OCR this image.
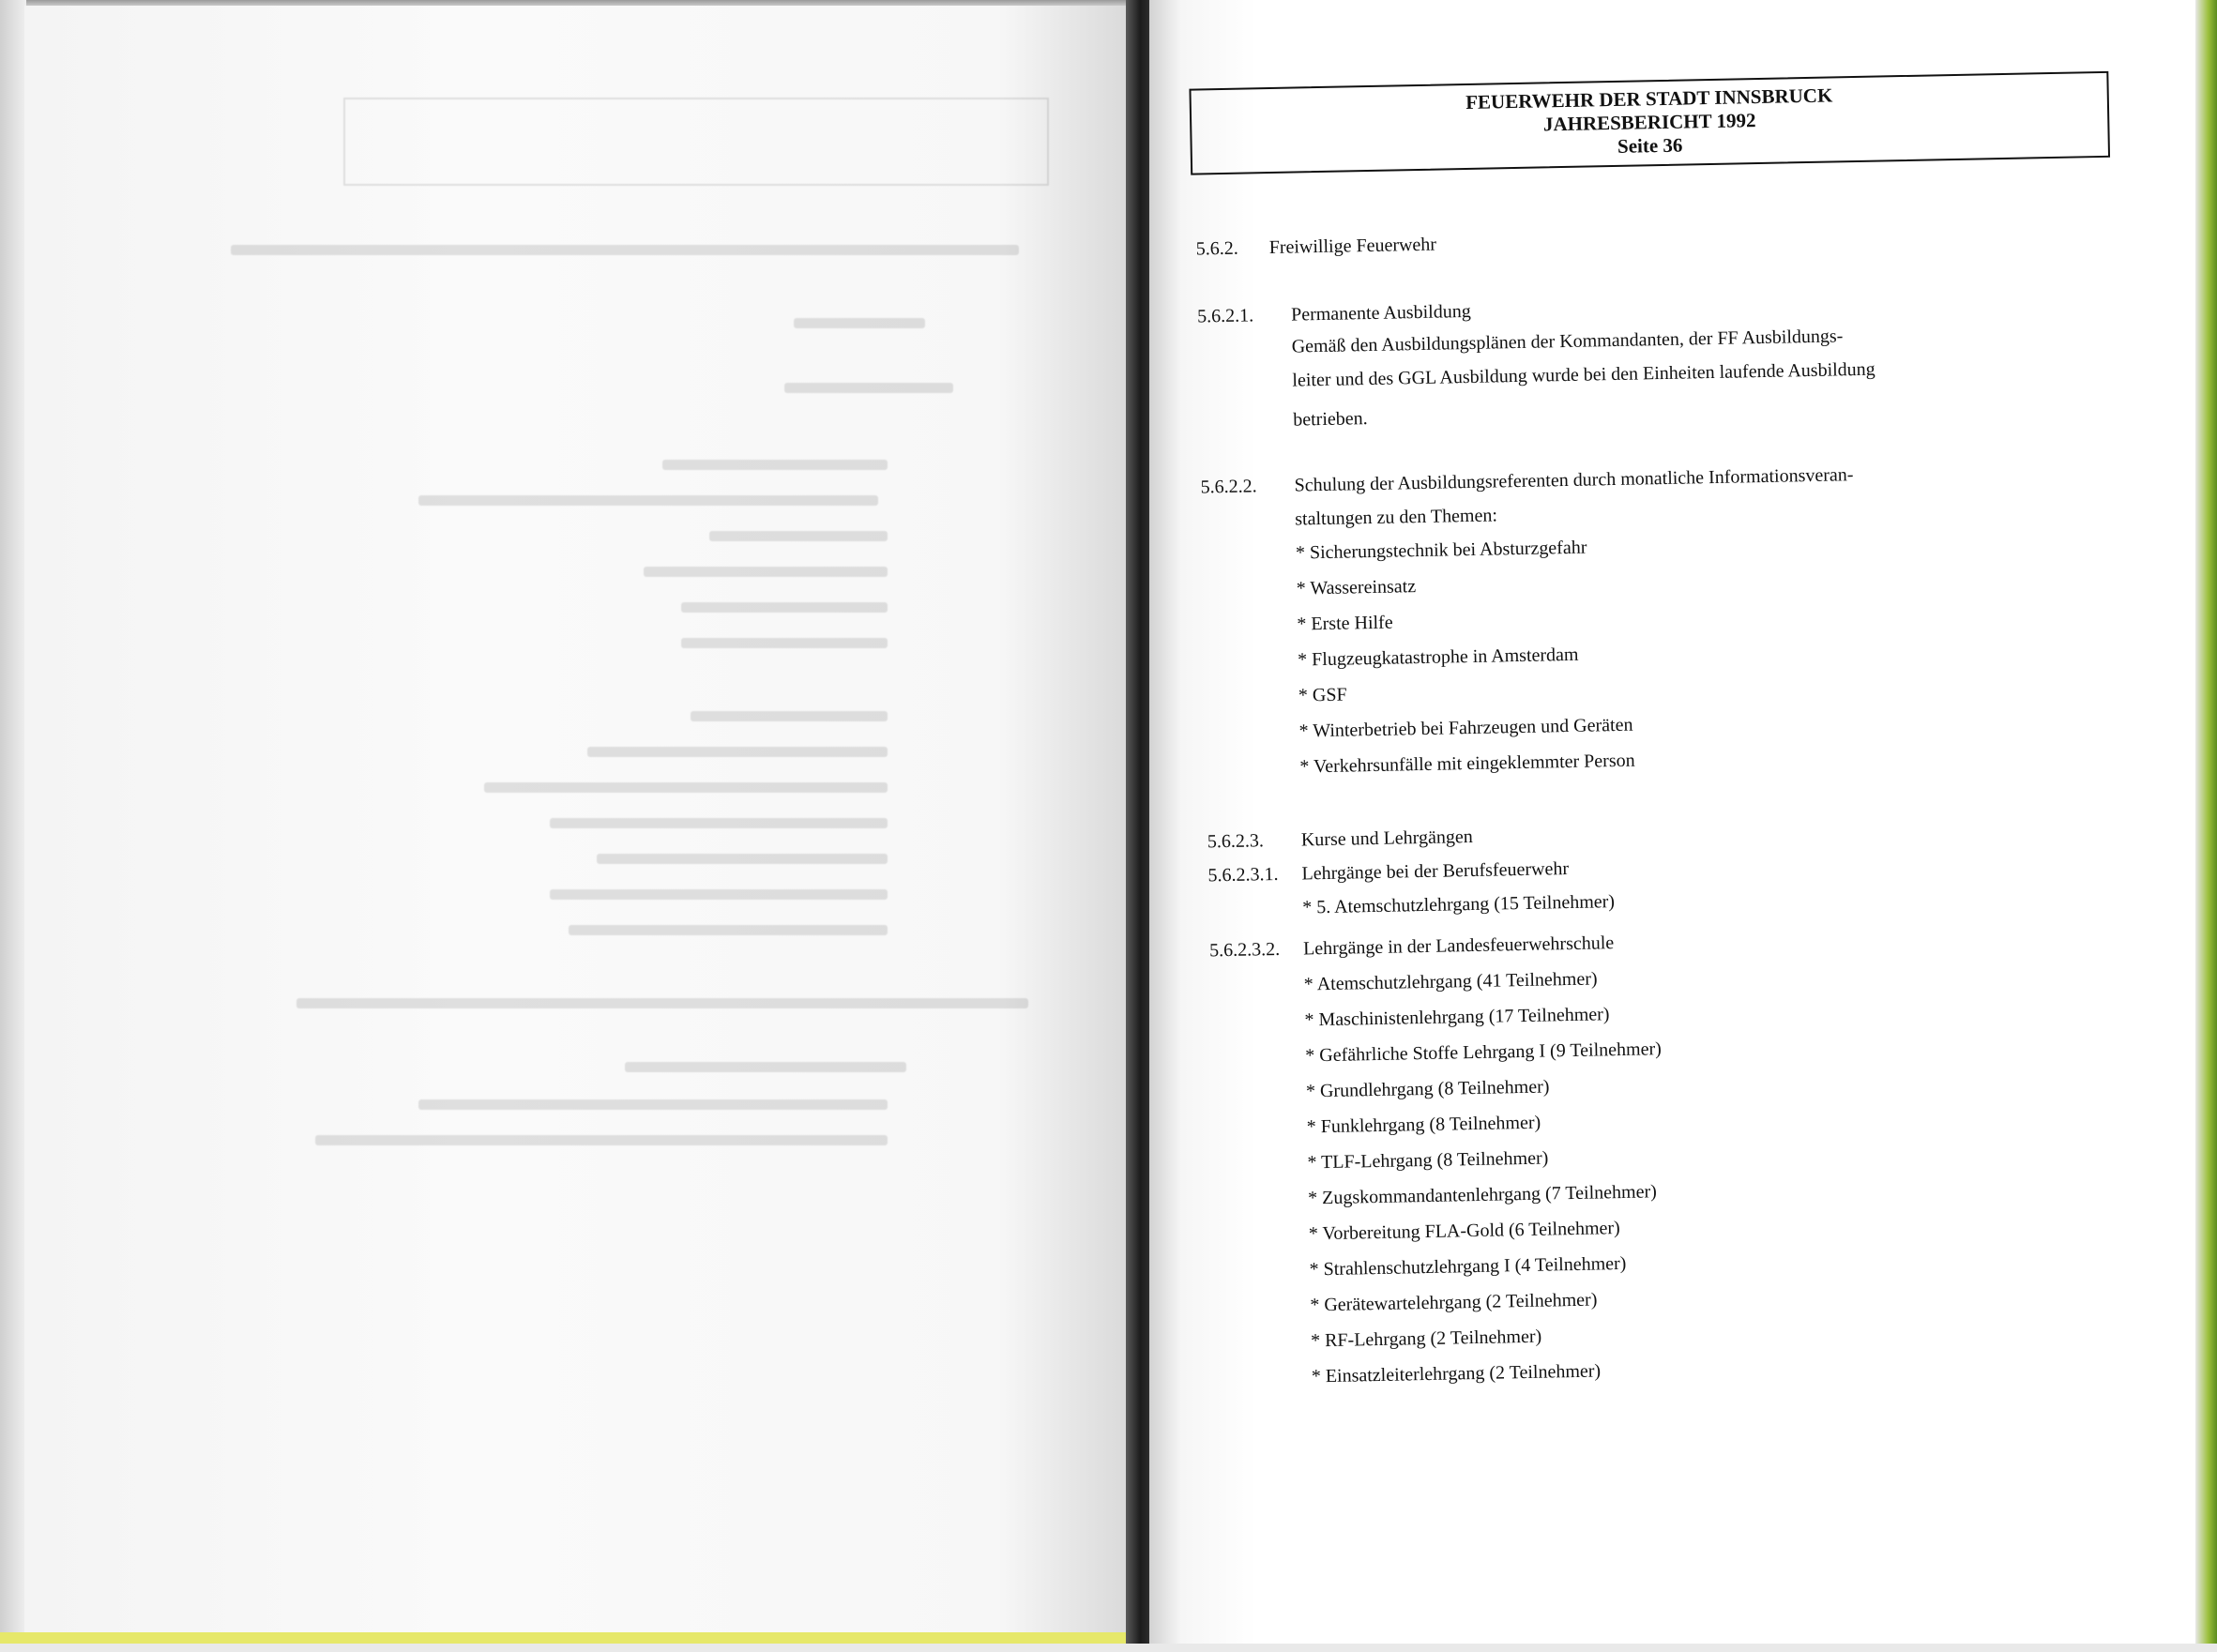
FEUERWEHR DER STADT INNSBRUCK
JAHRESBERICHT 1992
Seite 36
5.6.2. Freiwillige Feuerwehr
5.6.2.1. Permanente Ausbildung
Gemäß den Ausbildungsplänen der Kommandanten, der FF Ausbildungs-
leiter und des GGL Ausbildung wurde bei den Einheiten laufende Ausbildung
betrieben.
5.6.2.2. Schulung der Ausbildungsreferenten durch monatliche Informationsveran-
staltungen zu den Themen:
* Sicherungstechnik bei Absturzgefahr
* Wassereinsatz
* Erste Hilfe
* Flugzeugkatastrophe in Amsterdam
* GSF
* Winterbetrieb bei Fahrzeugen und Geräten
* Verkehrsunfälle mit eingeklemmter Person
5.6.2.3. Kurse und Lehrgängen
5.6.2.3.1. Lehrgänge bei der Berufsfeuerwehr
* 5. Atemschutzlehrgang (15 Teilnehmer)
5.6.2.3.2. Lehrgänge in der Landesfeuerwehrschule
* Atemschutzlehrgang (41 Teilnehmer)
* Maschinistenlehrgang (17 Teilnehmer)
* Gefährliche Stoffe Lehrgang I (9 Teilnehmer)
* Grundlehrgang (8 Teilnehmer)
* Funklehrgang (8 Teilnehmer)
* TLF-Lehrgang (8 Teilnehmer)
* Zugskommandantenlehrgang (7 Teilnehmer)
* Vorbereitung FLA-Gold (6 Teilnehmer)
* Strahlenschutzlehrgang I (4 Teilnehmer)
* Gerätewartelehrgang (2 Teilnehmer)
* RF-Lehrgang (2 Teilnehmer)
* Einsatzleiterlehrgang (2 Teilnehmer)
